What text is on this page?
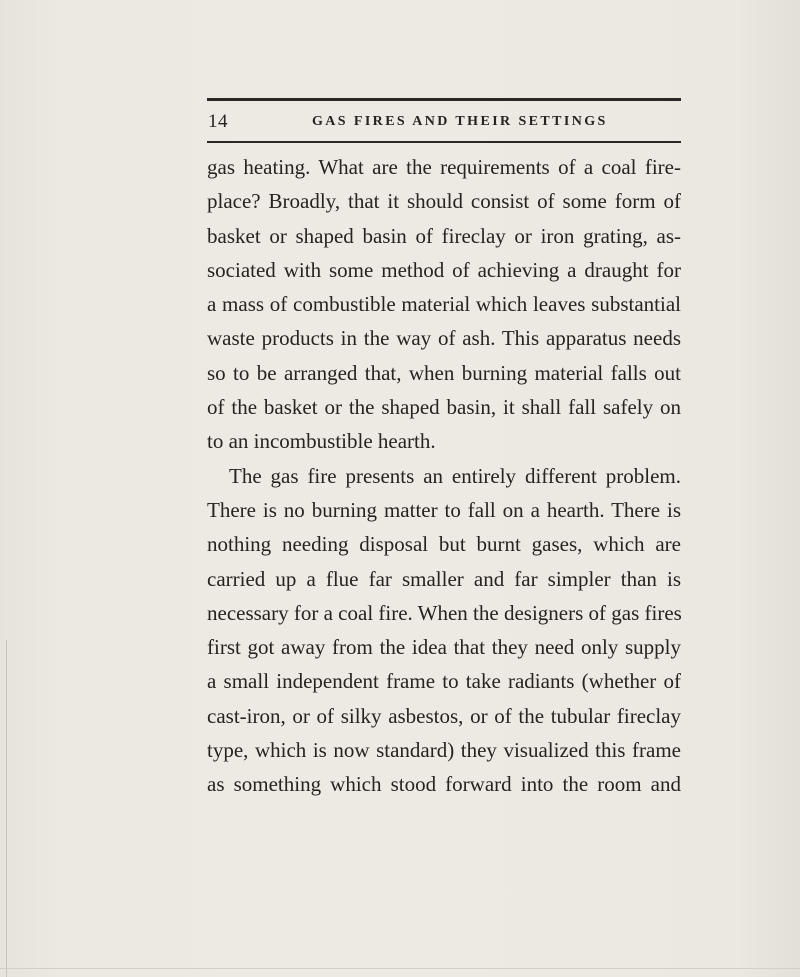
14	GAS FIRES AND THEIR SETTINGS

gas heating. What are the requirements of a coal fire-
place? Broadly, that it should consist of some form of
basket or shaped basin of fireclay or iron grating, as-
sociated with some method of achieving a draught for
a mass of combustible material which leaves substantial
waste products in the way of ash. This apparatus needs
so to be arranged that, when burning material falls out
of the basket or the shaped basin, it shall fall safely on
to an incombustible hearth.

The gas fire presents an entirely different problem.
There is no burning matter to fall on a hearth. There is
nothing needing disposal but burnt gases, which are
carried up a flue far smaller and far simpler than is
necessary for a coal fire. When the designers of gas fires
first got away from the idea that they need only supply
a small independent frame to take radiants (whether of
cast-iron, or of silky asbestos, or of the tubular fireclay
type, which is now standard) they visualized this frame
as something which stood forward into the room and
